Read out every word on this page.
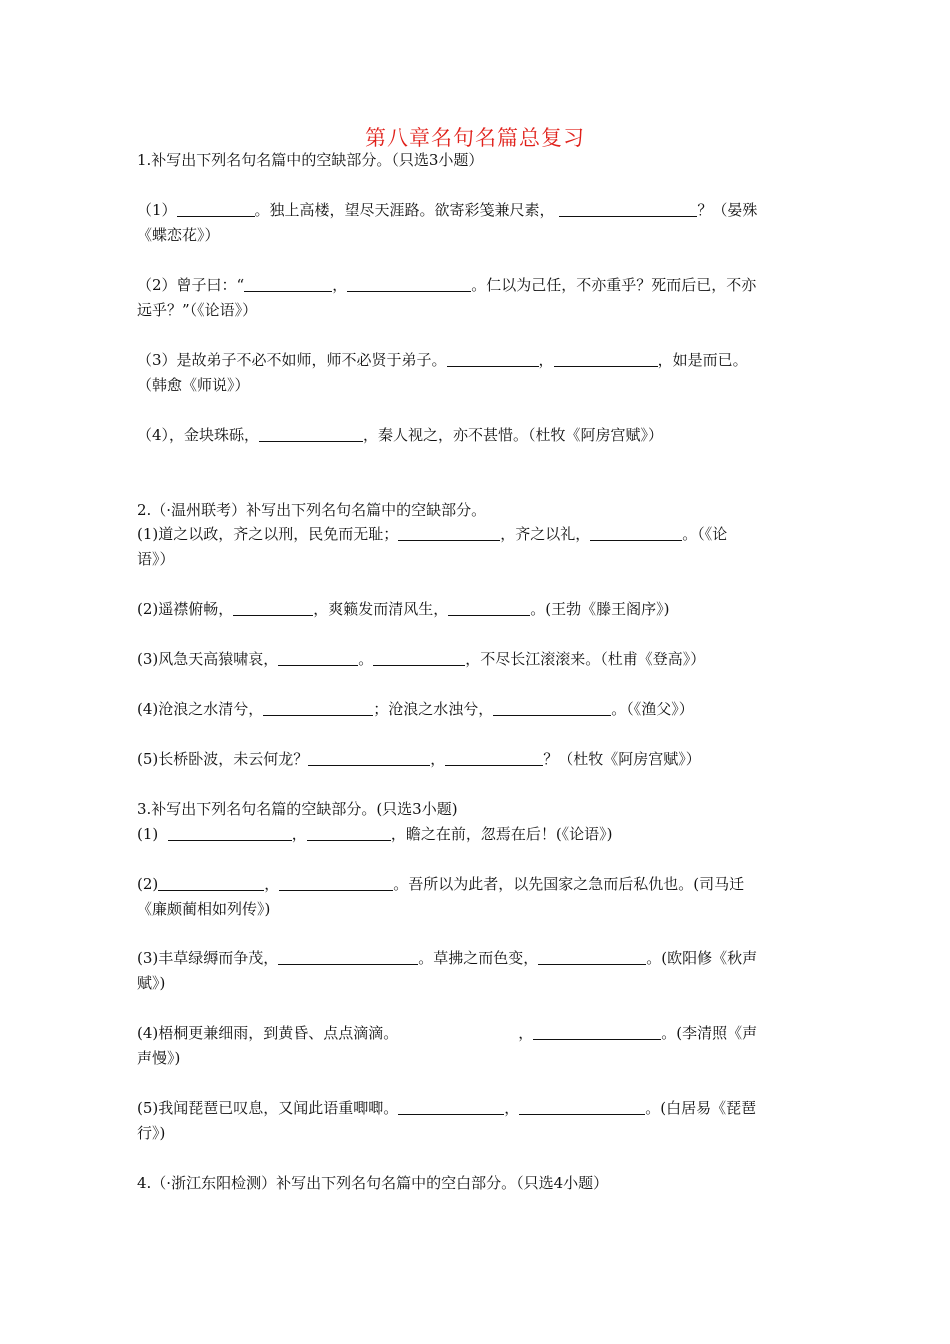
第八章名句名篇总复习
1.补写出下列名句名篇中的空缺部分。（只选3小题）
（1）	。独上高楼，望尽天涯路。欲寄彩笺兼尺素，	？（晏殊
《蝶恋花》）
（2）曾子曰：“	，	。仁以为己任，不亦重乎？死而后已，不亦
远乎？”（《论语》）
（3）是故弟子不必不如师，师不必贤于弟子。	，	，如是而已。
（韩愈《师说》）
（4），金块珠砾，	，秦人视之，亦不甚惜。（杜牧《阿房宫赋》）
2.（·温州联考）补写出下列名句名篇中的空缺部分。
(1)道之以政，齐之以刑，民免而无耻；	，齐之以礼，	。（《论
语》）
(2)遥襟俯畅，	，爽籁发而清风生，	。(王勃《滕王阁序》)
(3)风急天高猿啸哀，	。	，不尽长江滚滚来。（杜甫《登高》）
(4)沧浪之水清兮，	；沧浪之水浊兮，	。（《渔父》）
(5)长桥卧波，未云何龙？	，	？（杜牧《阿房宫赋》）
3.补写出下列名句名篇的空缺部分。(只选3小题)
(1)	，	，瞻之在前，忽焉在后！(《论语》)
(2)	，	。吾所以为此者，以先国家之急而后私仇也。(司马迁
《廉颇蔺相如列传》)
(3)丰草绿缛而争茂，	。草拂之而色变，	。(欧阳修《秋声
赋》)
(4)梧桐更兼细雨，到黄昏、点点滴滴。	，	。(李清照《声
声慢》)
(5)我闻琵琶已叹息，又闻此语重唧唧。	，	。(白居易《琵琶
行》)
4.（·浙江东阳检测）补写出下列名句名篇中的空白部分。（只选4小题）
